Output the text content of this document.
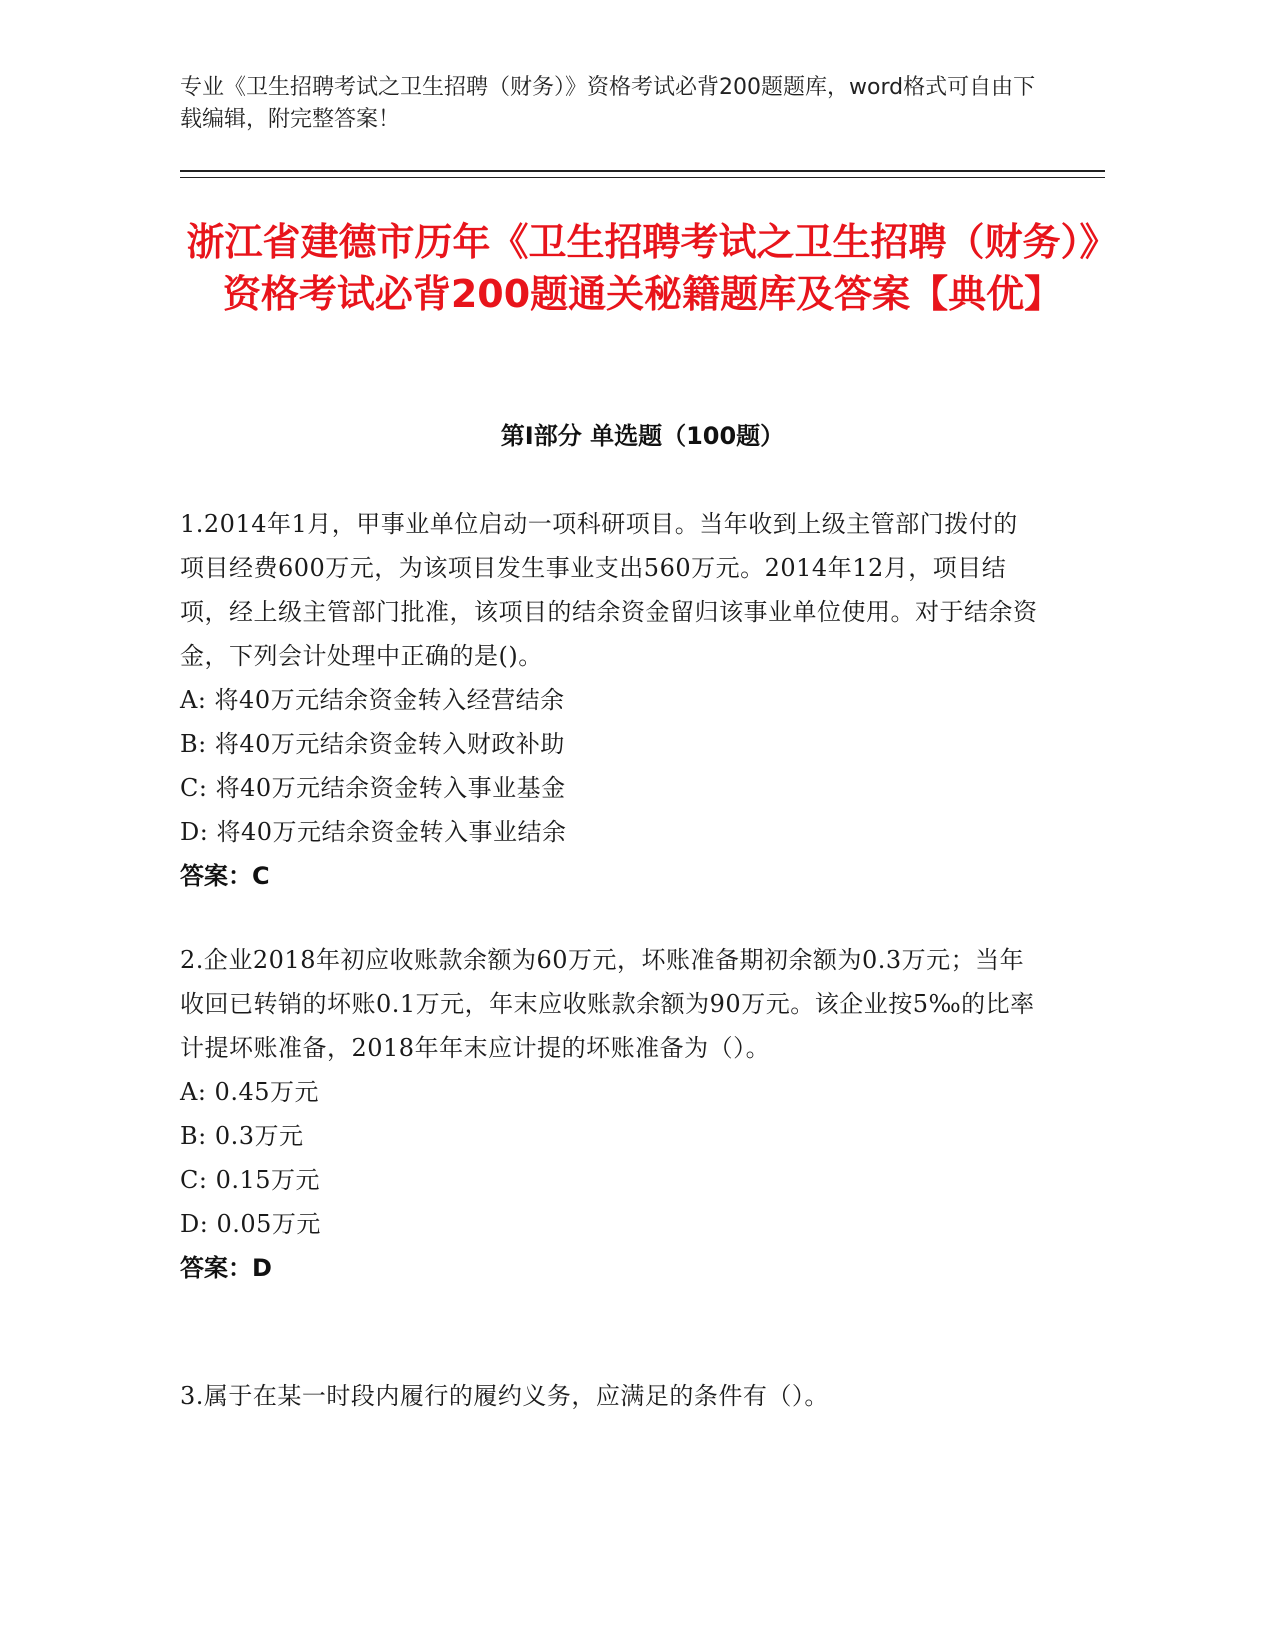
专业《卫生招聘考试之卫生招聘（财务）》资格考试必背200题题库，word格式可自由下载编辑，附完整答案！
浙江省建德市历年《卫生招聘考试之卫生招聘（财务）》资格考试必背200题通关秘籍题库及答案【典优】
第I部分 单选题（100题）

1.2014年1月，甲事业单位启动一项科研项目。当年收到上级主管部门拨付的项目经费600万元，为该项目发生事业支出560万元。2014年12月，项目结项，经上级主管部门批准，该项目的结余资金留归该事业单位使用。对于结余资金，下列会计处理中正确的是()。

A: 将40万元结余资金转入经营结余

B: 将40万元结余资金转入财政补助

C: 将40万元结余资金转入事业基金

D: 将40万元结余资金转入事业结余

答案：C

2.企业2018年初应收账款余额为60万元，坏账准备期初余额为0.3万元；当年收回已转销的坏账0.1万元，年末应收账款余额为90万元。该企业按5‰的比率计提坏账准备，2018年年末应计提的坏账准备为（）。

A: 0.45万元

B: 0.3万元

C: 0.15万元

D: 0.05万元

答案：D

3.属于在某一时段内履行的履约义务，应满足的条件有（）。
